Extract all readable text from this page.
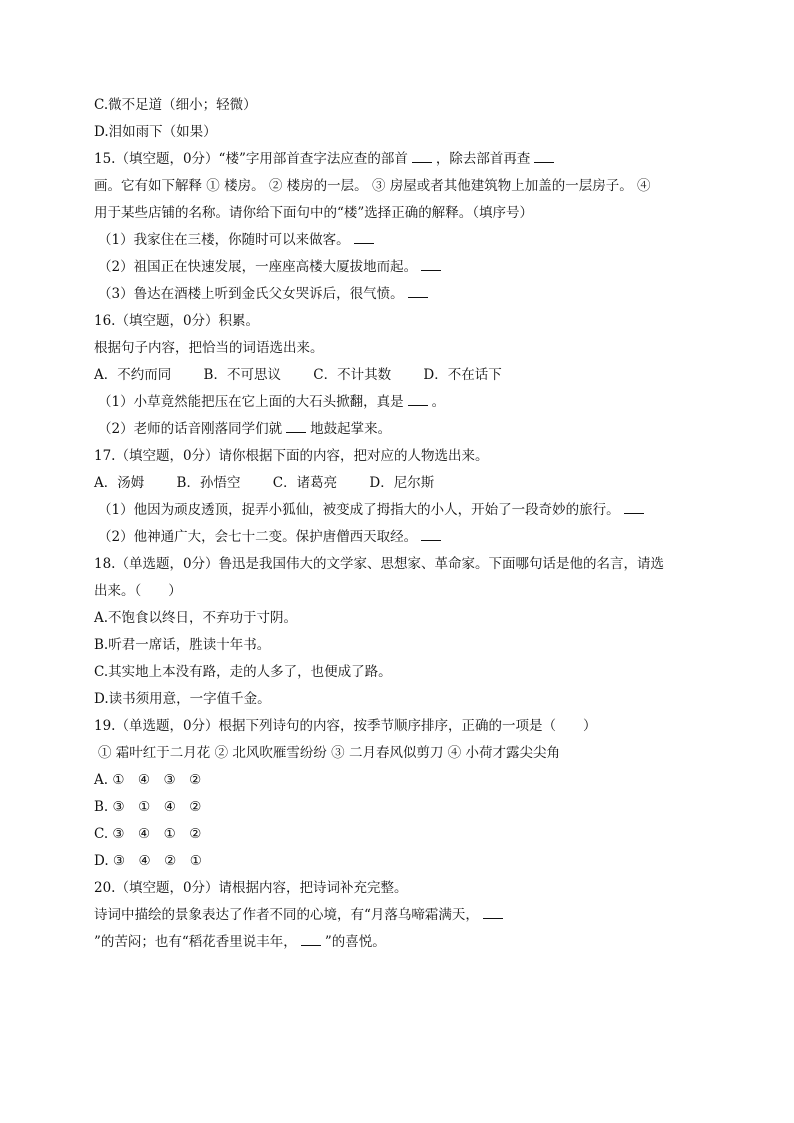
C.微不足道（细小；轻微）
D.泪如雨下（如果）
15.（填空题，0分）“楼”字用部首查字法应查的部首 ，除去部首再查
画。它有如下解释 ① 楼房。 ② 楼房的一层。 ③ 房屋或者其他建筑物上加盖的一层房子。 ④
用于某些店铺的名称。请你给下面句中的“楼”选择正确的解释。（填序号）
（1）我家住在三楼，你随时可以来做客。
（2）祖国正在快速发展，一座座高楼大厦拔地而起。
（3）鲁达在酒楼上听到金氏父女哭诉后，很气愤。
16.（填空题，0分）积累。
根据句子内容，把恰当的词语选出来。
A．不约而同 B．不可思议 C．不计其数 D．不在话下
（1）小草竟然能把压在它上面的大石头掀翻，真是 。
（2）老师的话音刚落同学们就 地鼓起掌来。
17.（填空题，0分）请你根据下面的内容，把对应的人物选出来。
A．汤姆 B．孙悟空 C．诸葛亮 D．尼尔斯
（1）他因为顽皮透顶，捉弄小狐仙，被变成了拇指大的小人，开始了一段奇妙的旅行。
（2）他神通广大，会七十二变。保护唐僧西天取经。
18.（单选题，0分）鲁迅是我国伟大的文学家、思想家、革命家。下面哪句话是他的名言，请选
出来。（　　）
A.不饱食以终日，不弃功于寸阴。
B.听君一席话，胜读十年书。
C.其实地上本没有路，走的人多了，也便成了路。
D.读书须用意，一字值千金。
19.（单选题，0分）根据下列诗句的内容，按季节顺序排序，正确的一项是（　　）
① 霜叶红于二月花 ② 北风吹雁雪纷纷 ③ 二月春风似剪刀 ④ 小荷才露尖尖角
A. ①　④　③　②
B. ③　①　④　②
C. ③　④　①　②
D. ③　④　②　①
20.（填空题，0分）请根据内容，把诗词补充完整。
诗词中描绘的景象表达了作者不同的心境，有“月落乌啼霜满天，
”的苦闷；也有“稻花香里说丰年， ”的喜悦。
